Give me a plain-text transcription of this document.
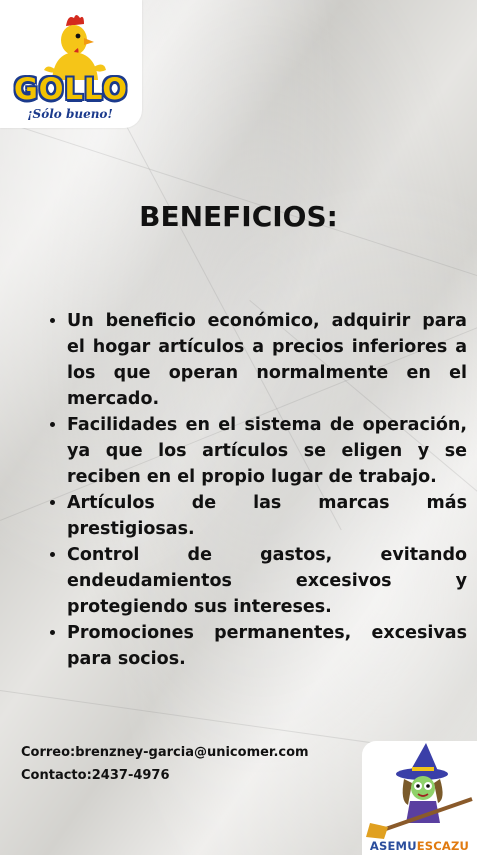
GOLLO
¡Sólo bueno!
BENEFICIOS:
• Un beneficio económico, adquirir para el hogar artículos a precios inferiores a los que operan normalmente en el mercado.
• Facilidades en el sistema de operación, ya que los artículos se eligen y se reciben en el propio lugar de trabajo.
• Artículos de las marcas más prestigiosas.
• Control de gastos, evitando endeudamientos excesivos y protegiendo sus intereses.
• Promociones permanentes, excesivas para socios.
Correo:brenzney-garcia@unicomer.com
Contacto:2437-4976
ASEMUESCAZU
